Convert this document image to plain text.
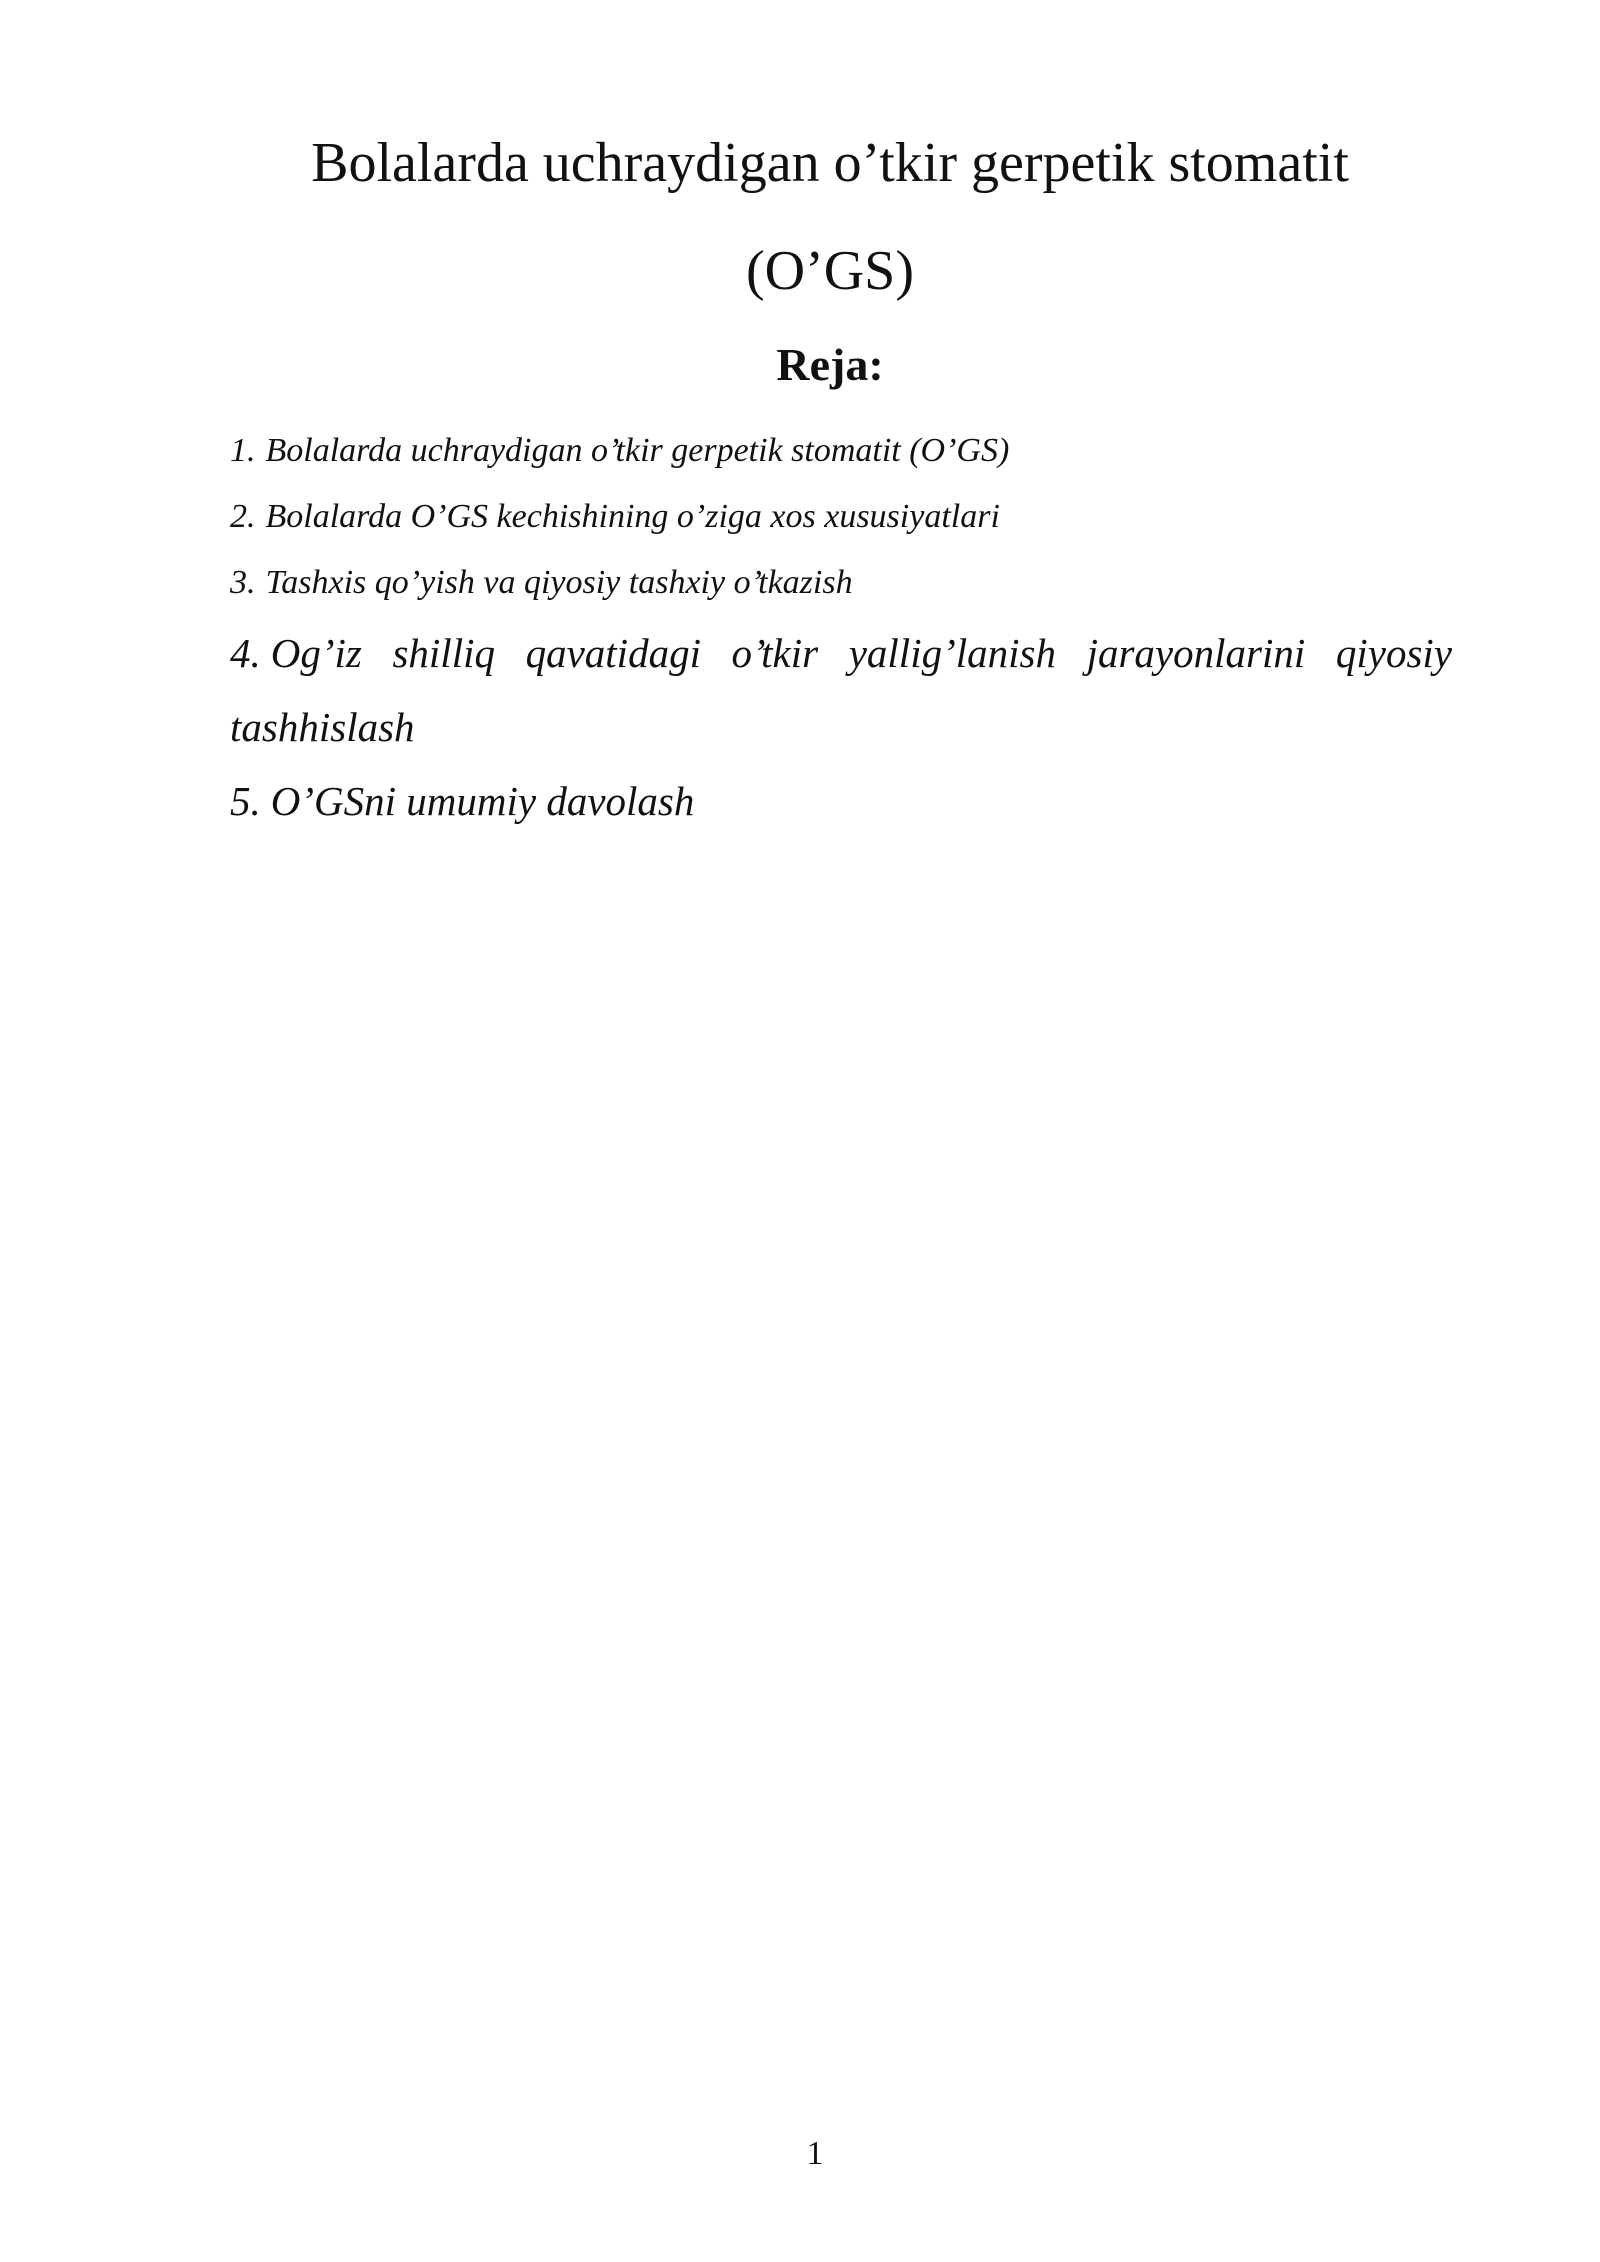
Bolalarda uchraydigan o’tkir gerpetik stomatit
(O’GS)
Reja:
1. Bolalarda uchraydigan o’tkir gerpetik stomatit (O’GS)
2. Bolalarda O’GS kechishining o’ziga xos xususiyatlari
3. Tashxis qo’yish va qiyosiy tashxiy o’tkazish
4. Og’iz shilliq qavatidagi o’tkir yallig’lanish jarayonlarini qiyosiy tashhislash
5. O’GSni umumiy davolash
1
